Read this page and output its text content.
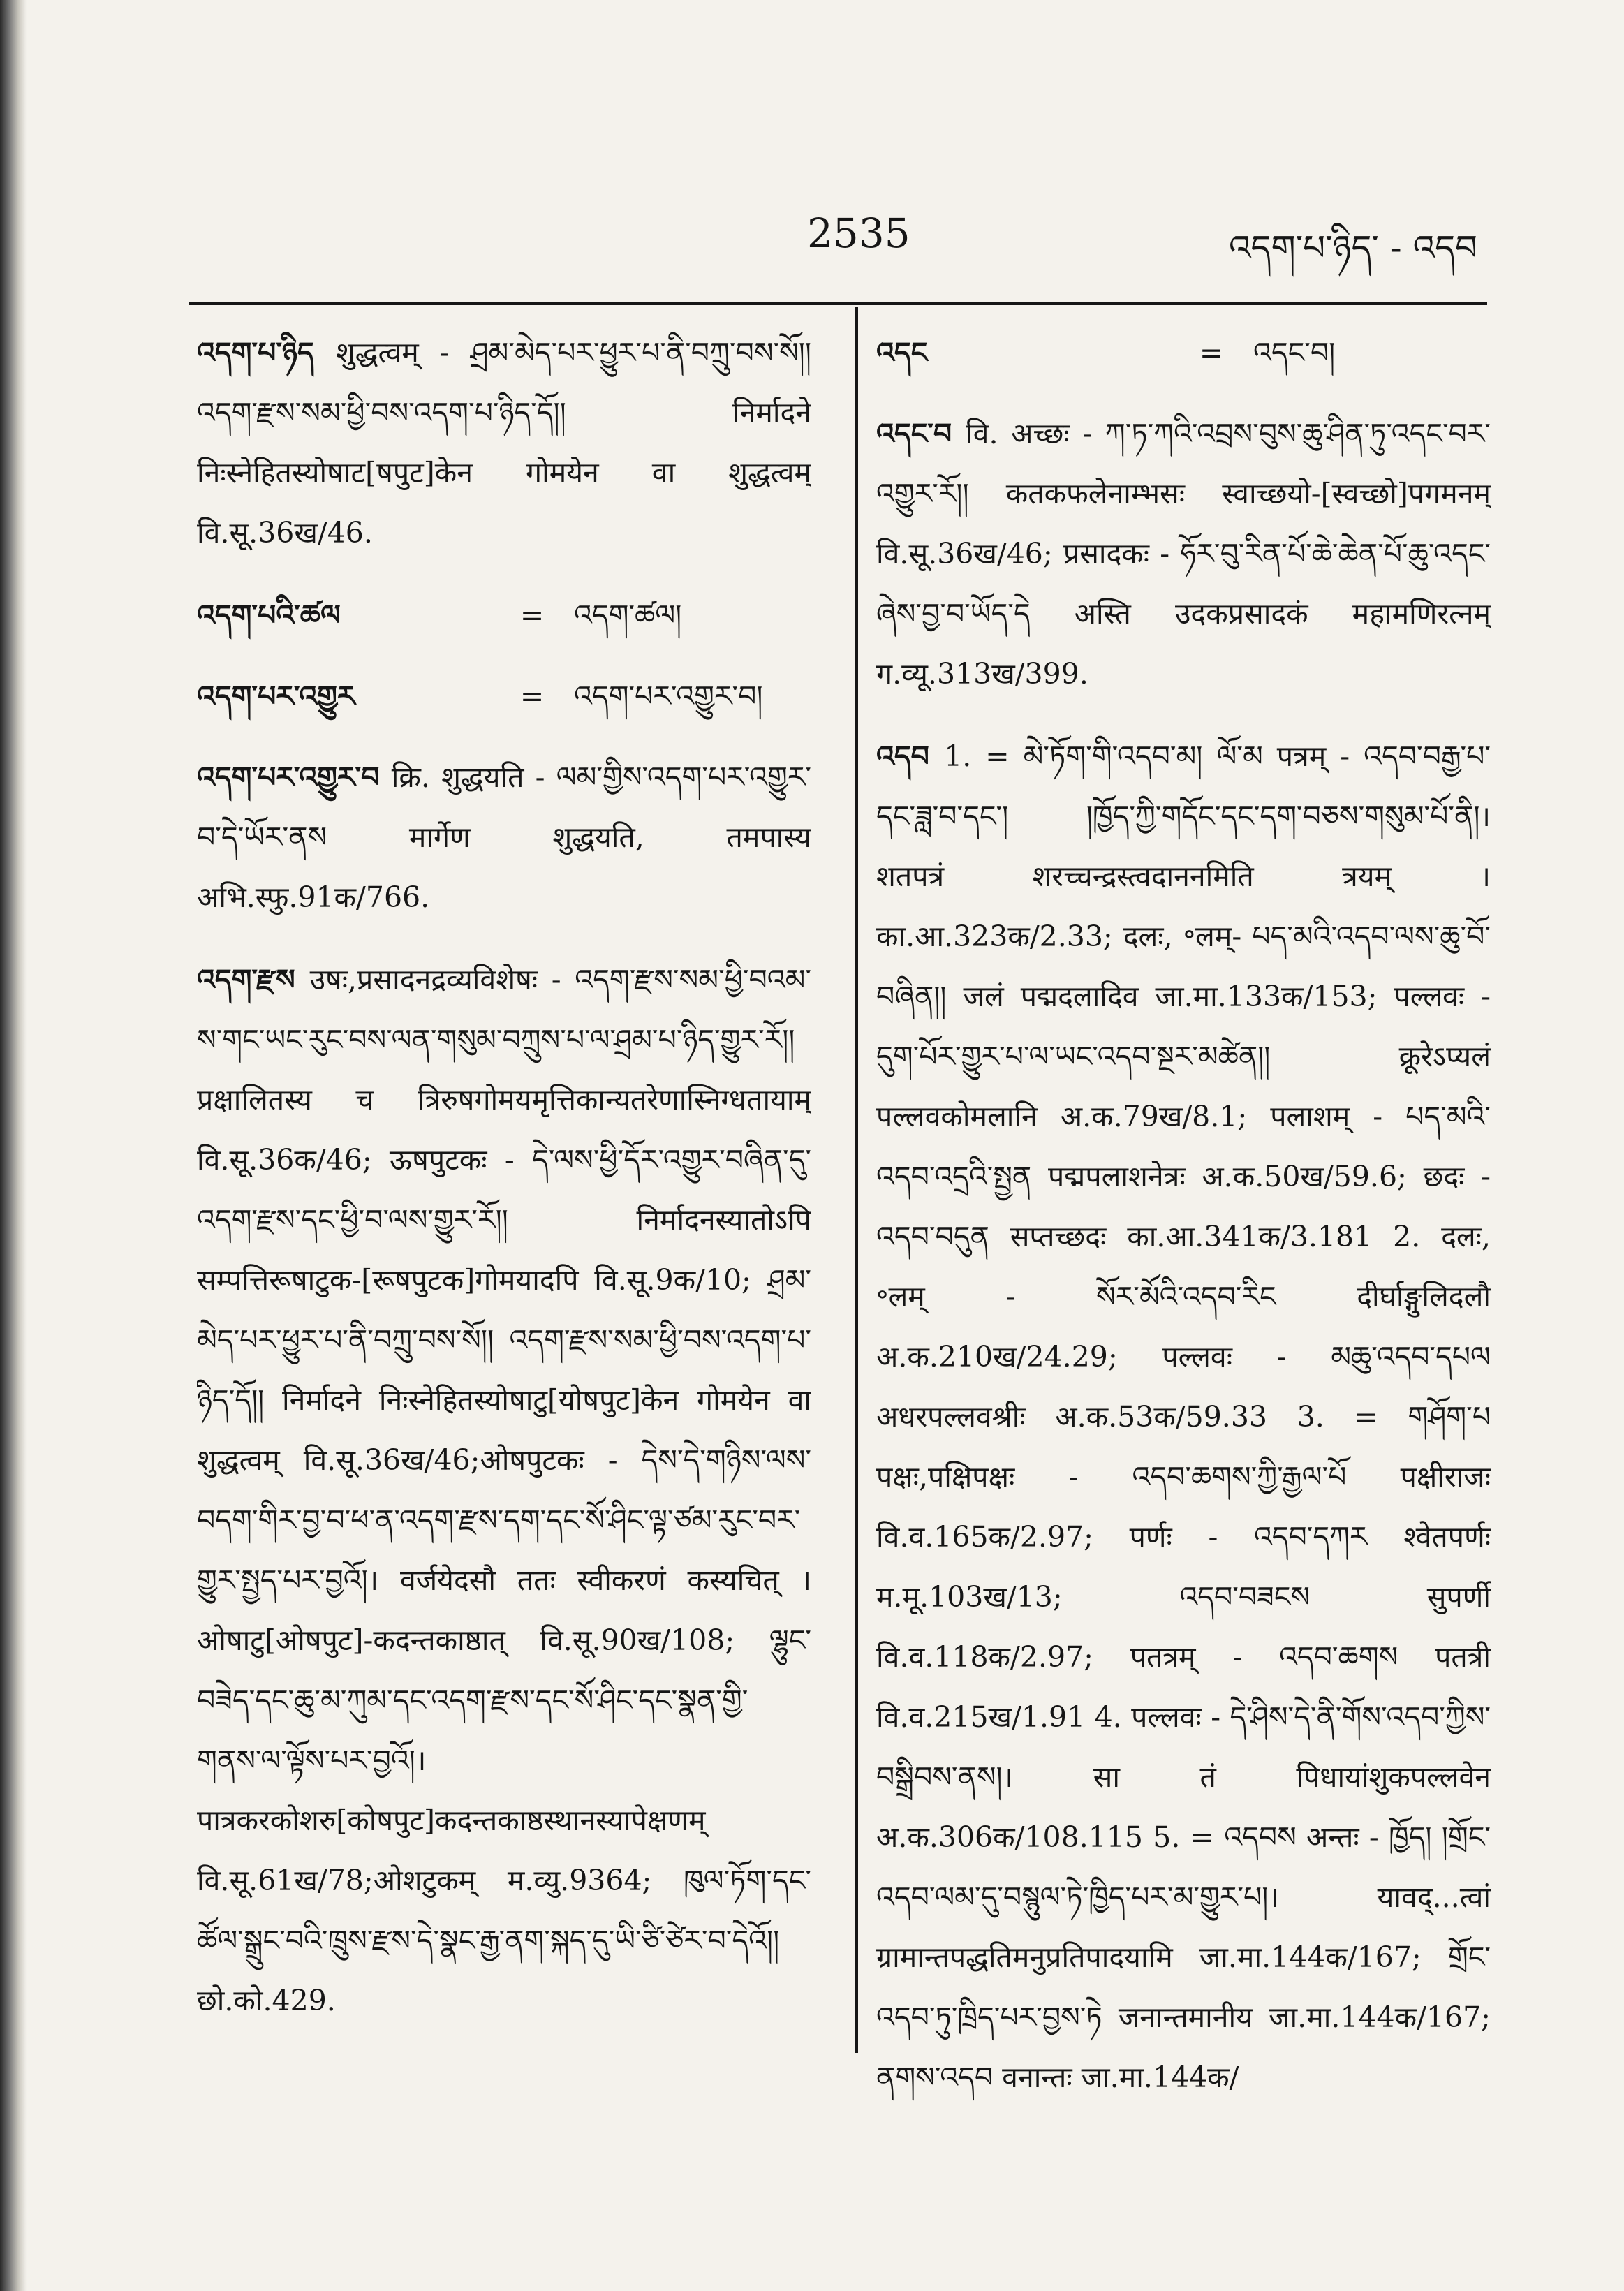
2535	འདག་པ་ཉིད་ - འདབ
འདག་པ་ཉིད शुद्धत्वम् - ཤྲམ་མེད་པར་ཕྱུར་པ་ནི་བཀྲུ་བས་སོ།། འདག་རྫས་སམ་ཕྱི་བས་འདག་པ་ཉིད་དོ།། निर्मादने निःस्नेहितस्योषाट[षपुट]केन गोमयेन वा शुद्धत्वम् वि.सू.36ख/46.
འདག་པའི་ཚལ	=	འདག་ཚལ།
འདག་པར་འགྱུར	=	འདག་པར་འགྱུར་བ།
འདག་པར་འགྱུར་བ क्रि. शुद्धयति - ལམ་གྱིས་འདག་པར་འགྱུར་བ་དེ་ཡོར་ནས मार्गेण शुद्धयति, तमपास्य अभि.स्फु.91क/766.
འདག་རྫས उषः,प्रसादनद्रव्यविशेषः - འདག་རྫས་སམ་ཕྱི་བའམ་ས་གང་ཡང་རུང་བས་ལན་གསུམ་བཀྲུས་པ་ལ་ཤྲམ་པ་ཉིད་གྱུར་རོ།། प्रक्षालितस्य च त्रिरुषगोमयमृत्तिकान्यतरेणास्निग्धतायाम् वि.सू.36क/46; ऊषपुटकः - དེ་ལས་ཕྱི་དོར་འགྱུར་བཞིན་དུ་འདག་རྫས་དང་ཕྱི་བ་ལས་གྱུར་རོ།། निर्मादनस्यातोऽपि सम्पत्तिरूषाटुक-[रूषपुटक]गोमयादपि वि.सू.9क/10; ཤྲམ་མེད་པར་ཕྱུར་པ་ནི་བཀྲུ་བས་སོ།། འདག་རྫས་སམ་ཕྱི་བས་འདག་པ་ཉིད་དོ།། निर्मादने निःस्नेहितस्योषाटु[योषपुट]केन गोमयेन वा शुद्धत्वम् वि.सू.36ख/46;ओषपुटकः - དེས་དེ་གཉིས་ལས་བདག་གིར་བྱ་བ་ཕ་ན་འདག་རྫས་དག་དང་སོ་ཤིང་ལྟ་ཙམ་རུང་བར་གྱུར་སྤྱད་པར་བྱའོ།। वर्जयेदसौ ततः स्वीकरणं कस्यचित् । ओषाटु[ओषपुट]-कदन्तकाष्ठात् वि.सू.90ख/108; ལྷུང་བཟེད་དང་ཆུ་མ་ཀུམ་དང་འདག་རྫས་དང་སོ་ཤིང་དང་སྣན་གྱི་གནས་ལ་ལྟོས་པར་བྱའོ།। पात्रकरकोशरु[कोषपुट]कदन्तकाष्ठस्थानस्यापेक्षणम् वि.सू.61ख/78;ओशटुकम् म.व्यु.9364; ཁུལ་ཏོག་དང་ཚོལ་སྒྲུང་བའི་ཁྲུས་རྫས་དེ་སྣང་རྒྱ་ནག་སྐད་དུ་ཡི་ཙི་ཙེར་བ་དེའོ།། छो.को.429.
འདང	=	འདང་བ།
འདང་བ वि. अच्छः - ཀ་ཏ་ཀའི་འབྲས་བུས་ཆུ་ཤིན་ཏུ་འདང་བར་འགྱུར་རོ།། कतकफलेनाम्भसः स्वाच्छयो-[स्वच्छो]पगमनम् वि.सू.36ख/46; प्रसादकः - ཧོར་བུ་རིན་པོ་ཆེ་ཆེན་པོ་ཆུ་འདང་ཞེས་བྱ་བ་ཡོད་དེ अस्ति उदकप्रसादकं महामणिरत्नम् ग.व्यू.313ख/399.
འདབ 1. = མེ་ཏོག་གི་འདབ་མ། ལོ་མ पत्रम् - འདབ་བརྒྱ་པ་དང་ཟླ་བ་དང་། །ཁྱོད་ཀྱི་གདོང་དང་དག་བཅས་གསུམ་པོ་ནི།। शतपत्रं शरच्चन्द्रस्त्वदाननमिति त्रयम् । का.आ.323क/2.33; दलः, ॰लम्- པད་མའི་འདབ་ལས་ཆུ་བོ་བཞིན།། जलं पद्मदलादिव जा.मा.133क/153; पल्लवः - དུག་པོར་གྱུར་པ་ལ་ཡང་འདབ་སྔར་མཚེན།། क्रूरेऽप्यलं पल्लवकोमलानि अ.क.79ख/8.1; पलाशम् - པད་མའི་འདབ་འདྲའི་སྤྱན पद्मपलाशनेत्रः अ.क.50ख/59.6; छदः - འདབ་བདུན सप्तच्छदः का.आ.341क/3.181 2. दलः, ॰लम् - སོར་མོའི་འདབ་རིང दीर्घाङ्गुलिदलौ अ.क.210ख/24.29; पल्लवः - མཆུ་འདབ་དཔལ अधरपल्लवश्रीः अ.क.53क/59.33 3. = གཤོག་པ पक्षः,पक्षिपक्षः - འདབ་ཆགས་ཀྱི་རྒྱལ་པོ पक्षीराजः वि.व.165क/2.97; पर्णः - འདབ་དཀར श्वेतपर्णः म.मू.103ख/13; འདབ་བཟངས सुपर्णी वि.व.118क/2.97; पतत्रम् - འདབ་ཆགས पतत्री वि.व.215ख/1.91 4. पल्लवः - དེ་ཤིས་དེ་ནི་གོས་འདབ་ཀྱིས་བསྒྲིབས་ནས།। सा तं पिधायांशुकपल्लवेन अ.क.306क/108.115 5. = འདབས अन्तः - ཁྱོད། །གྲོང་འདབ་ལམ་དུ་བསྙུལ་ཏེ་ཁྱིད་པར་མ་གྱུར་པ།। यावद्...त्वां ग्रामान्तपद्धतिमनुप्रतिपादयामि जा.मा.144क/167; གྲོང་འདབ་ཏུ་ཁྲིད་པར་བྱས་ཏེ जनान्तमानीय जा.मा.144क/167; ནགས་འདབ वनान्तः जा.मा.144क/
